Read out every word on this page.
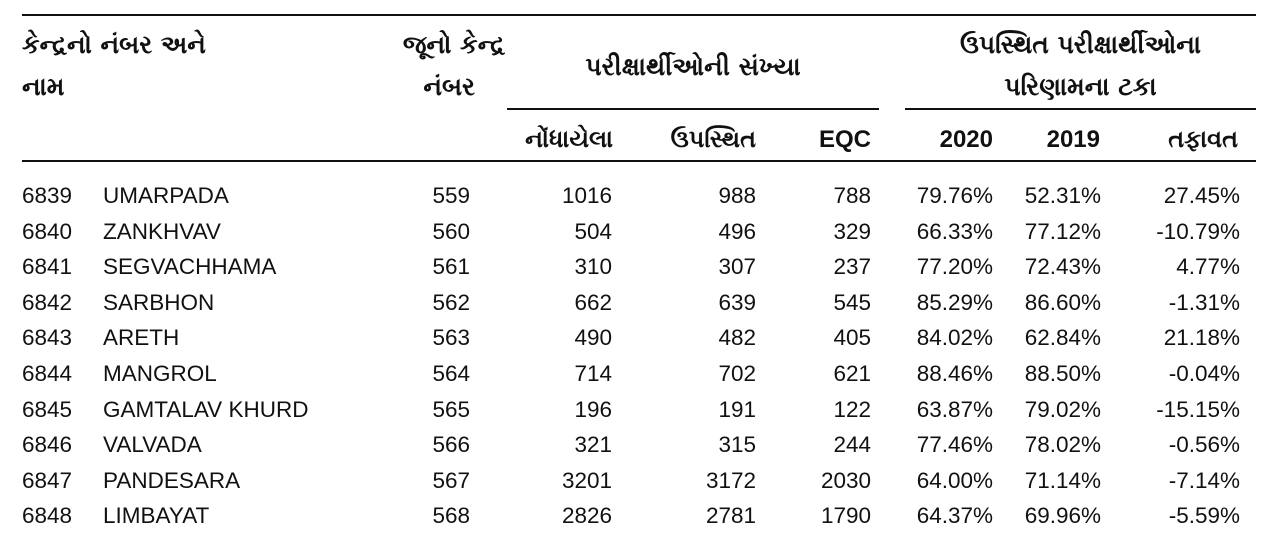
કેન્દ્રનો નંબર અને
નામ
જૂનો કેન્દ્ર
નંબર
પરીક્ષાર્થીઓની સંખ્યા
ઉપસ્થિત પરીક્ષાર્થીઓના
પરિણામના ટકા
નોંધાયેલા	ઉપસ્થિત	EQC	2020	2019	તફાવત
6839	UMARPADA	559	1016	988	788	79.76%	52.31%	27.45%
6840	ZANKHVAV	560	504	496	329	66.33%	77.12%	-10.79%
6841	SEGVACHHAMA	561	310	307	237	77.20%	72.43%	4.77%
6842	SARBHON	562	662	639	545	85.29%	86.60%	-1.31%
6843	ARETH	563	490	482	405	84.02%	62.84%	21.18%
6844	MANGROL	564	714	702	621	88.46%	88.50%	-0.04%
6845	GAMTALAV KHURD	565	196	191	122	63.87%	79.02%	-15.15%
6846	VALVADA	566	321	315	244	77.46%	78.02%	-0.56%
6847	PANDESARA	567	3201	3172	2030	64.00%	71.14%	-7.14%
6848	LIMBAYAT	568	2826	2781	1790	64.37%	69.96%	-5.59%
